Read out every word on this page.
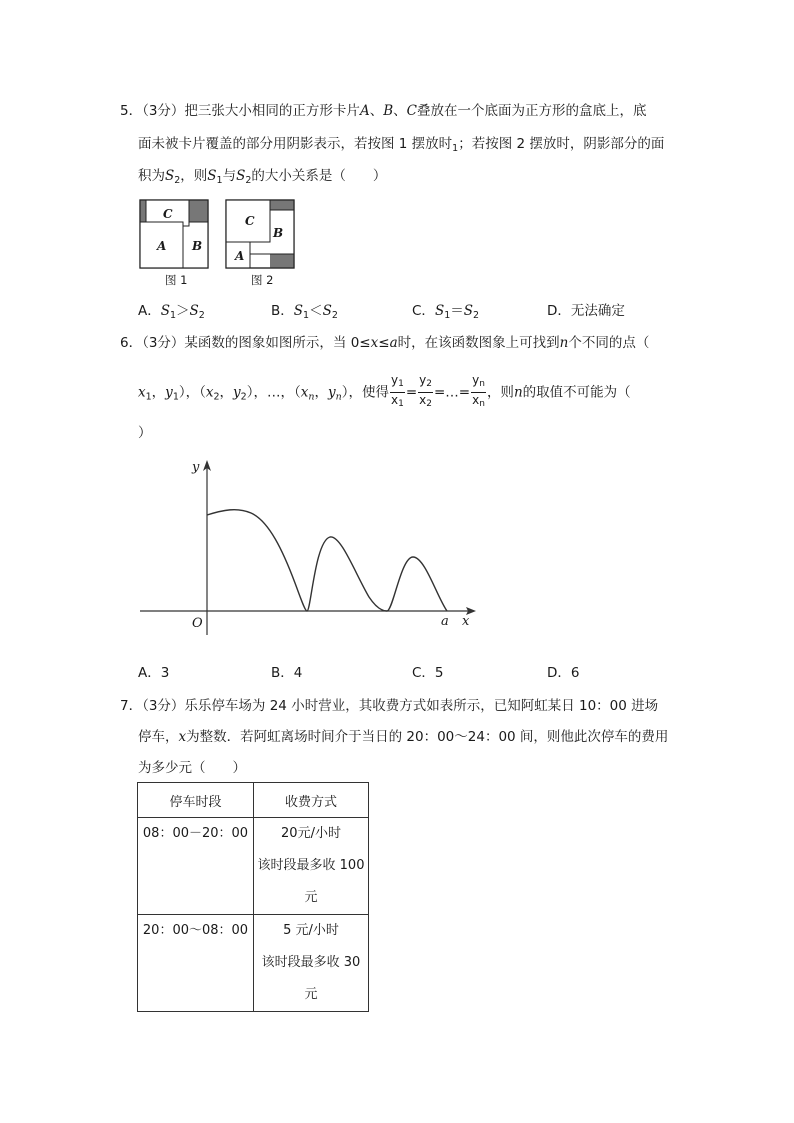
5．（3分）把三张大小相同的正方形卡片A、B、C叠放在一个底面为正方形的盒底上，底
面未被卡片覆盖的部分用阴影表示，若按图 1 摆放时$_1$；若按图 2 摆放时，阴影部分的面
积为$S_2$，则$S_1$与$S_2$的大小关系是（　　）
C
A B
图 1
C
B
A
图 2
A．$S_1>S_2$	B．$S_1<S_2$	C．$S_1=S_2$	D．无法确定
6．（3分）某函数的图象如图所示，当 0≤x≤a时，在该函数图象上可找到n个不同的点（
$x_1$，$y_1$），（$x_2$，$y_2$），…，（$x_n$，$y_n$），使得 $\frac{y1}{x1} = \frac{y2}{x2}$ =…= $\frac{yn}{xn}$ ，则n的取值不可能为（
）
y
x
O	a
A．3	B．4	C．5	D．6
7．（3分）乐乐停车场为 24 小时营业，其收费方式如表所示，已知阿虹某日 10：00 进场
停车，x为整数．若阿虹离场时间介于当日的 20：00～24：00 间，则他此次停车的费用
为多少元（　　）
停车时段	收费方式

08：00－20：00	20元/小时
该时段最多收 100
元

20：00～08：00	5 元/小时
该时段最多收 30
元
